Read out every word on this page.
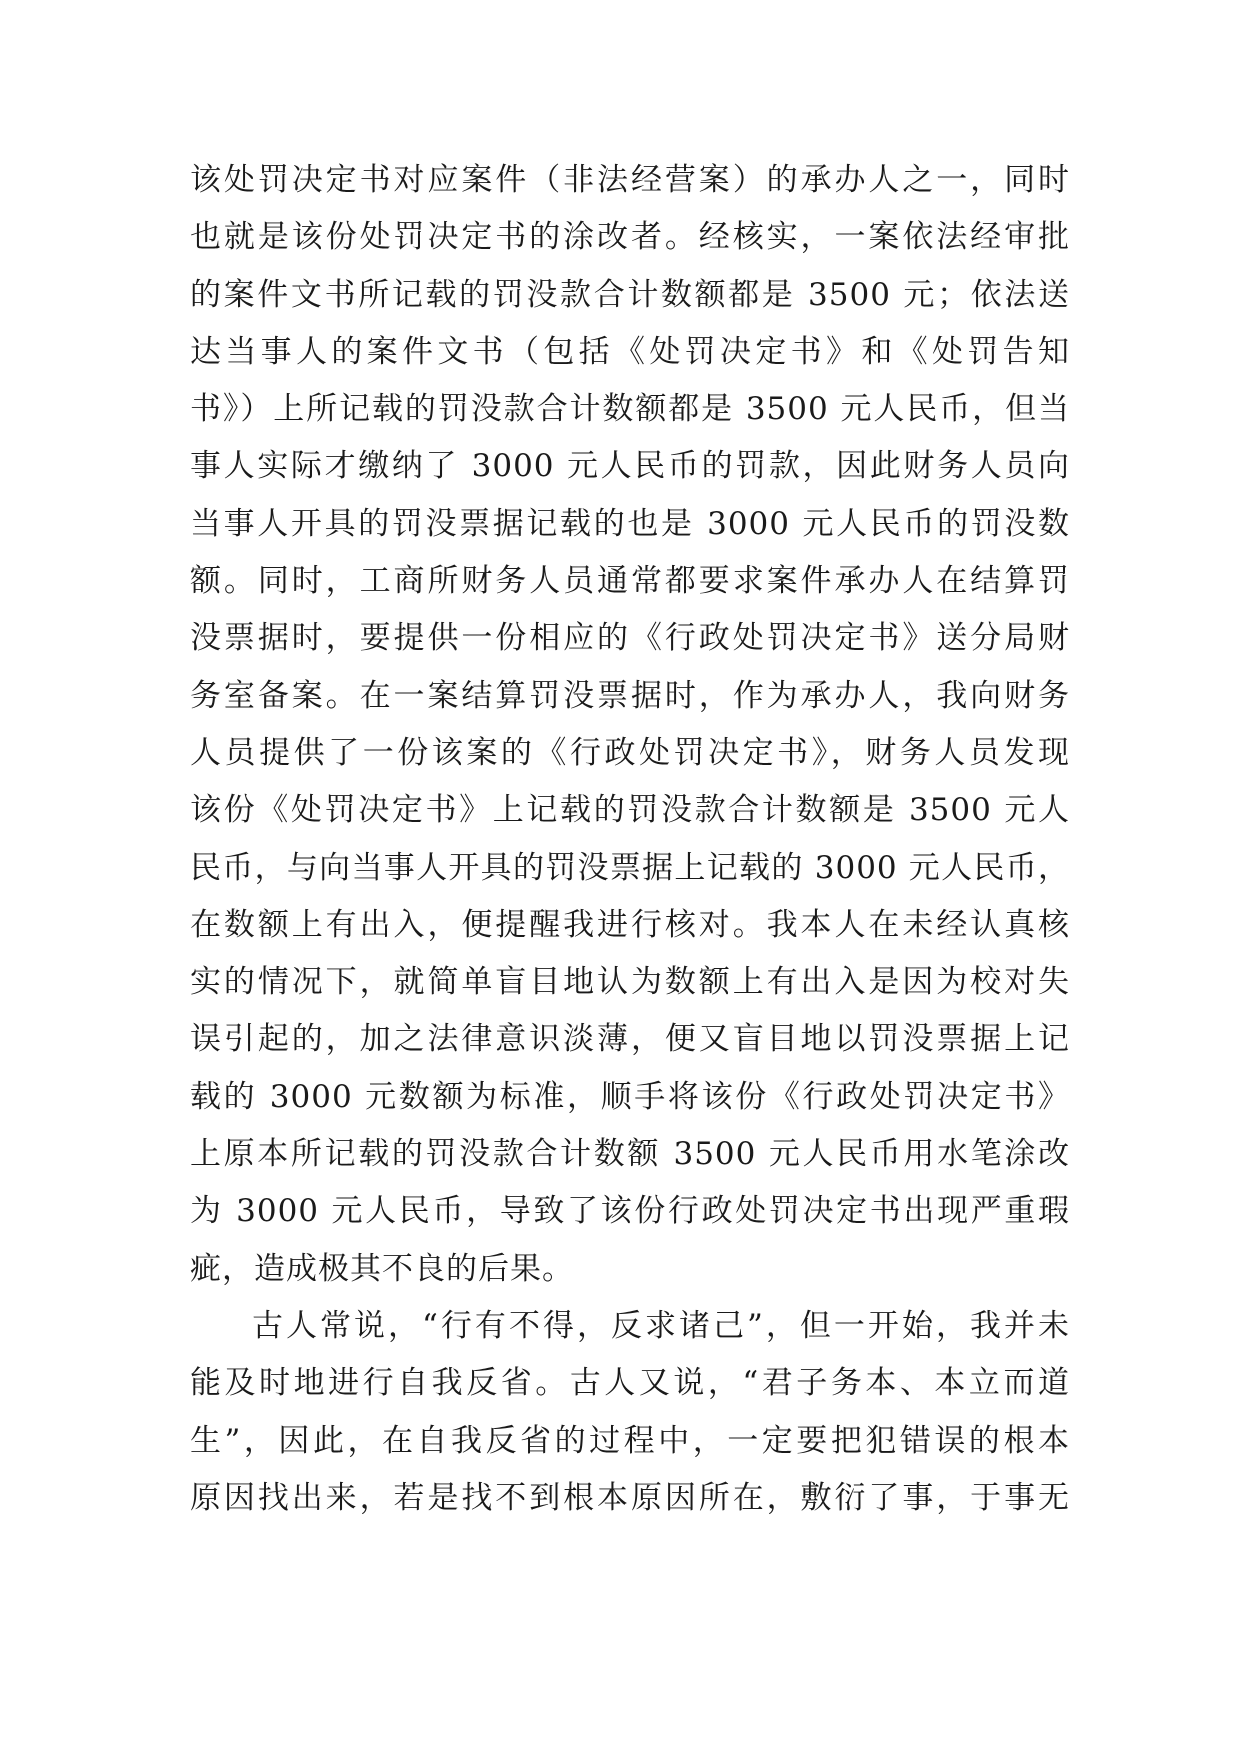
该处罚决定书对应案件（非法经营案）的承办人之一，同时
也就是该份处罚决定书的涂改者。经核实，一案依法经审批
的案件文书所记载的罚没款合计数额都是 3500 元；依法送
达当事人的案件文书（包括《处罚决定书》和《处罚告知
书》）上所记载的罚没款合计数额都是 3500 元人民币，但当
事人实际才缴纳了 3000 元人民币的罚款，因此财务人员向
当事人开具的罚没票据记载的也是 3000 元人民币的罚没数
额。同时，工商所财务人员通常都要求案件承办人在结算罚
没票据时，要提供一份相应的《行政处罚决定书》送分局财
务室备案。在一案结算罚没票据时，作为承办人，我向财务
人员提供了一份该案的《行政处罚决定书》，财务人员发现
该份《处罚决定书》上记载的罚没款合计数额是 3500 元人
民币，与向当事人开具的罚没票据上记载的 3000 元人民币，
在数额上有出入，便提醒我进行核对。我本人在未经认真核
实的情况下，就简单盲目地认为数额上有出入是因为校对失
误引起的，加之法律意识淡薄，便又盲目地以罚没票据上记
载的 3000 元数额为标准，顺手将该份《行政处罚决定书》
上原本所记载的罚没款合计数额 3500 元人民币用水笔涂改
为 3000 元人民币，导致了该份行政处罚决定书出现严重瑕
疵，造成极其不良的后果。
古人常说，“行有不得，反求诸己”，但一开始，我并未
能及时地进行自我反省。古人又说，“君子务本、本立而道
生”，因此，在自我反省的过程中，一定要把犯错误的根本
原因找出来，若是找不到根本原因所在，敷衍了事，于事无
